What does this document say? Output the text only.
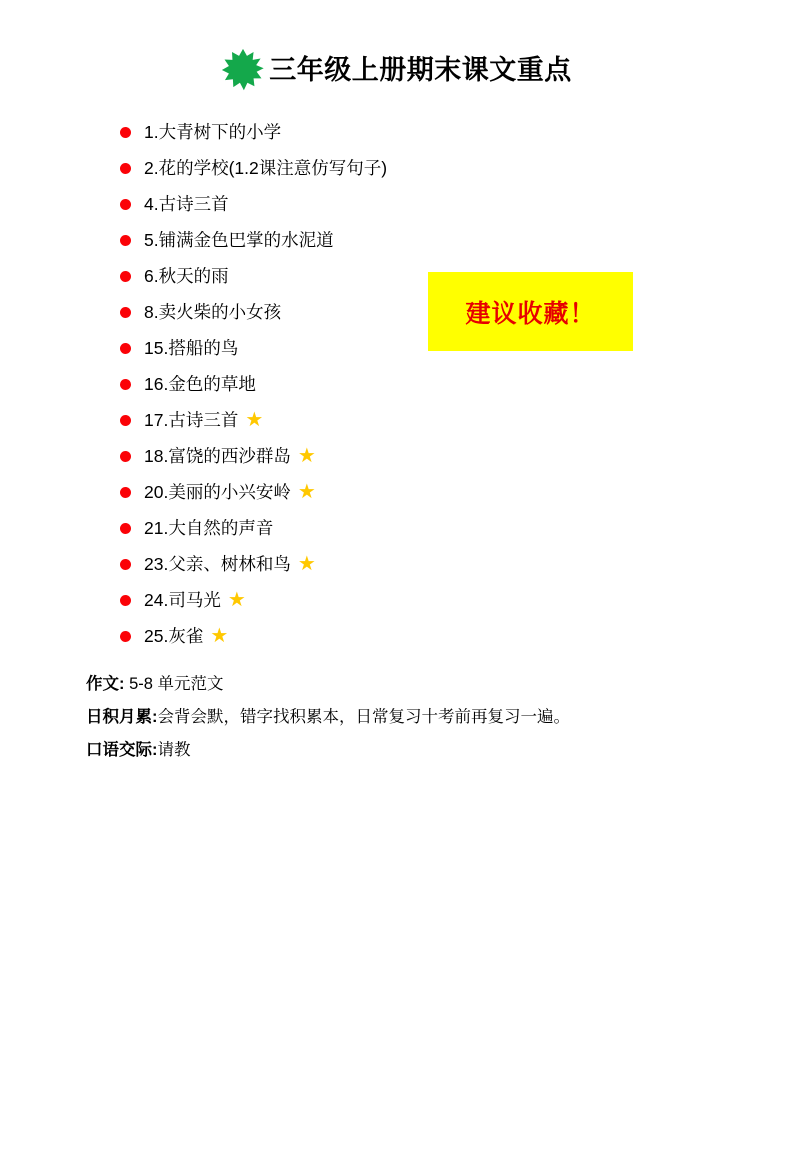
三年级上册期末课文重点
建议收藏！
1.大青树下的小学
2.花的学校(1.2课注意仿写句子)
4.古诗三首
5.铺满金色巴掌的水泥道
6.秋天的雨
8.卖火柴的小女孩
15.搭船的鸟
16.金色的草地
17.古诗三首 ★
18.富饶的西沙群岛 ★
20.美丽的小兴安岭 ★
21.大自然的声音
23.父亲、树林和鸟 ★
24.司马光 ★
25.灰雀 ★
作文: 5-8 单元范文
日积月累:会背会默，错字找积累本，日常复习十考前再复习一遍。
口语交际:请教
